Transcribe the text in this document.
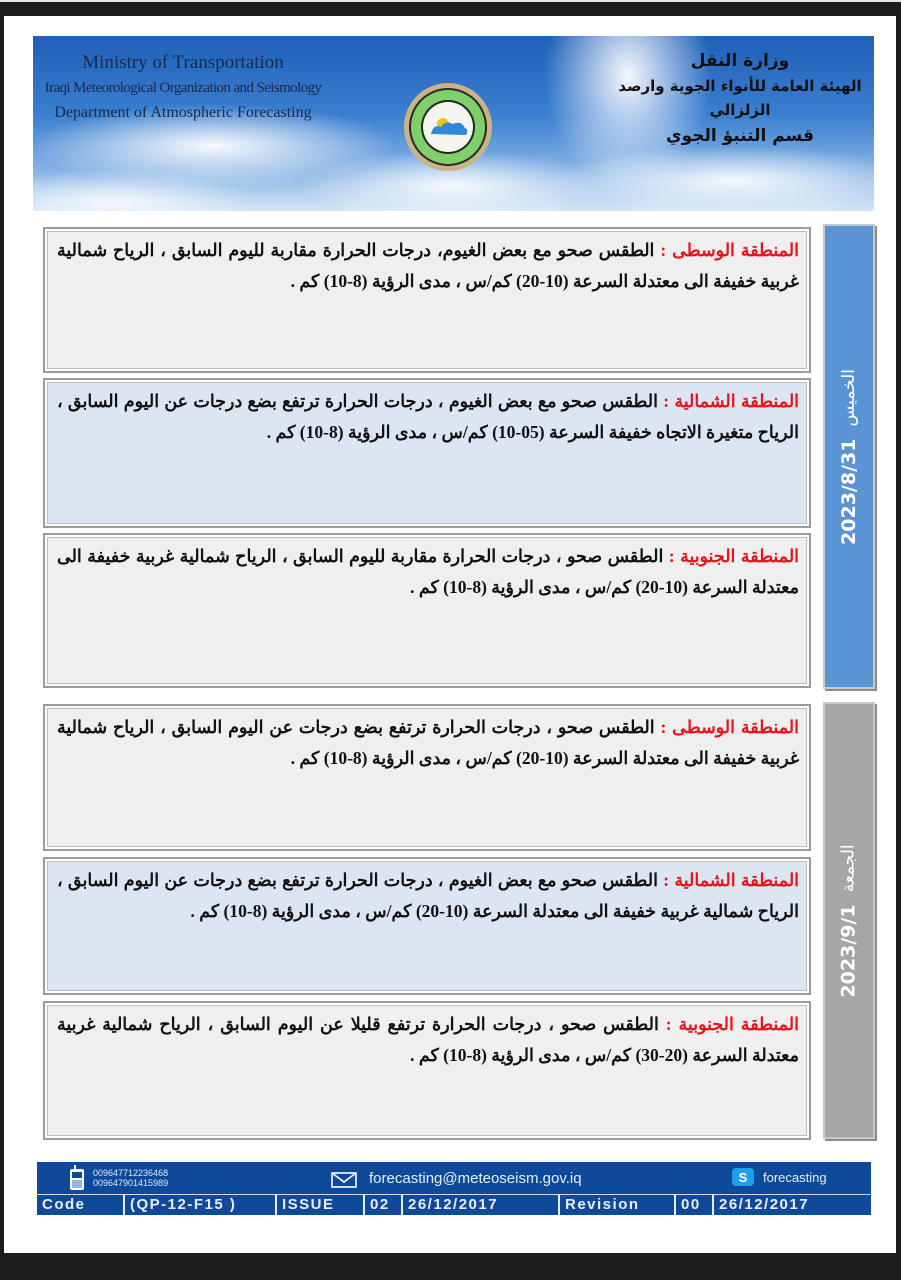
Ministry of Transportation
Iraqi Meteorological Organization and Seismology
Department of Atmospheric Forecasting
وزارة النقل
الهيئة العامة للأنواء الجوية وارصد الزلزالي
قسم التنبؤ الجوي
المنطقة الوسطى : الطقس صحو مع بعض الغيوم، درجات الحرارة مقاربة لليوم السابق ، الرياح شمالية غربية خفيفة الى معتدلة السرعة (10-20) كم/س ، مدى الرؤية (8-10) كم .
المنطقة الشمالية : الطقس صحو مع بعض الغيوم ، درجات الحرارة ترتفع بضع درجات عن اليوم السابق ، الرياح متغيرة الاتجاه خفيفة السرعة (05-10) كم/س ، مدى الرؤية (8-10) كم .
المنطقة الجنوبية : الطقس صحو ، درجات الحرارة مقاربة لليوم السابق ، الرياح شمالية غربية خفيفة الى معتدلة السرعة (10-20) كم/س ، مدى الرؤية (8-10) كم .
2023/8/31
الخميس
المنطقة الوسطى : الطقس صحو ، درجات الحرارة ترتفع بضع درجات عن اليوم السابق ، الرياح شمالية غربية خفيفة الى معتدلة السرعة (10-20) كم/س ، مدى الرؤية (8-10) كم .
المنطقة الشمالية : الطقس صحو مع بعض الغيوم ، درجات الحرارة ترتفع بضع درجات عن اليوم السابق ، الرياح شمالية غربية خفيفة الى معتدلة السرعة (10-20) كم/س ، مدى الرؤية (8-10) كم .
المنطقة الجنوبية : الطقس صحو ، درجات الحرارة ترتفع قليلا عن اليوم السابق ، الرياح شمالية غربية معتدلة السرعة (20-30) كم/س ، مدى الرؤية (8-10) كم .
2023/9/1
الجمعة
009647712236468
009647901415989	forecasting@meteoseism.gov.iq	S	forecasting
Code	(QP-12-F15 )	ISSUE	02	26/12/2017	Revision	00	26/12/2017
